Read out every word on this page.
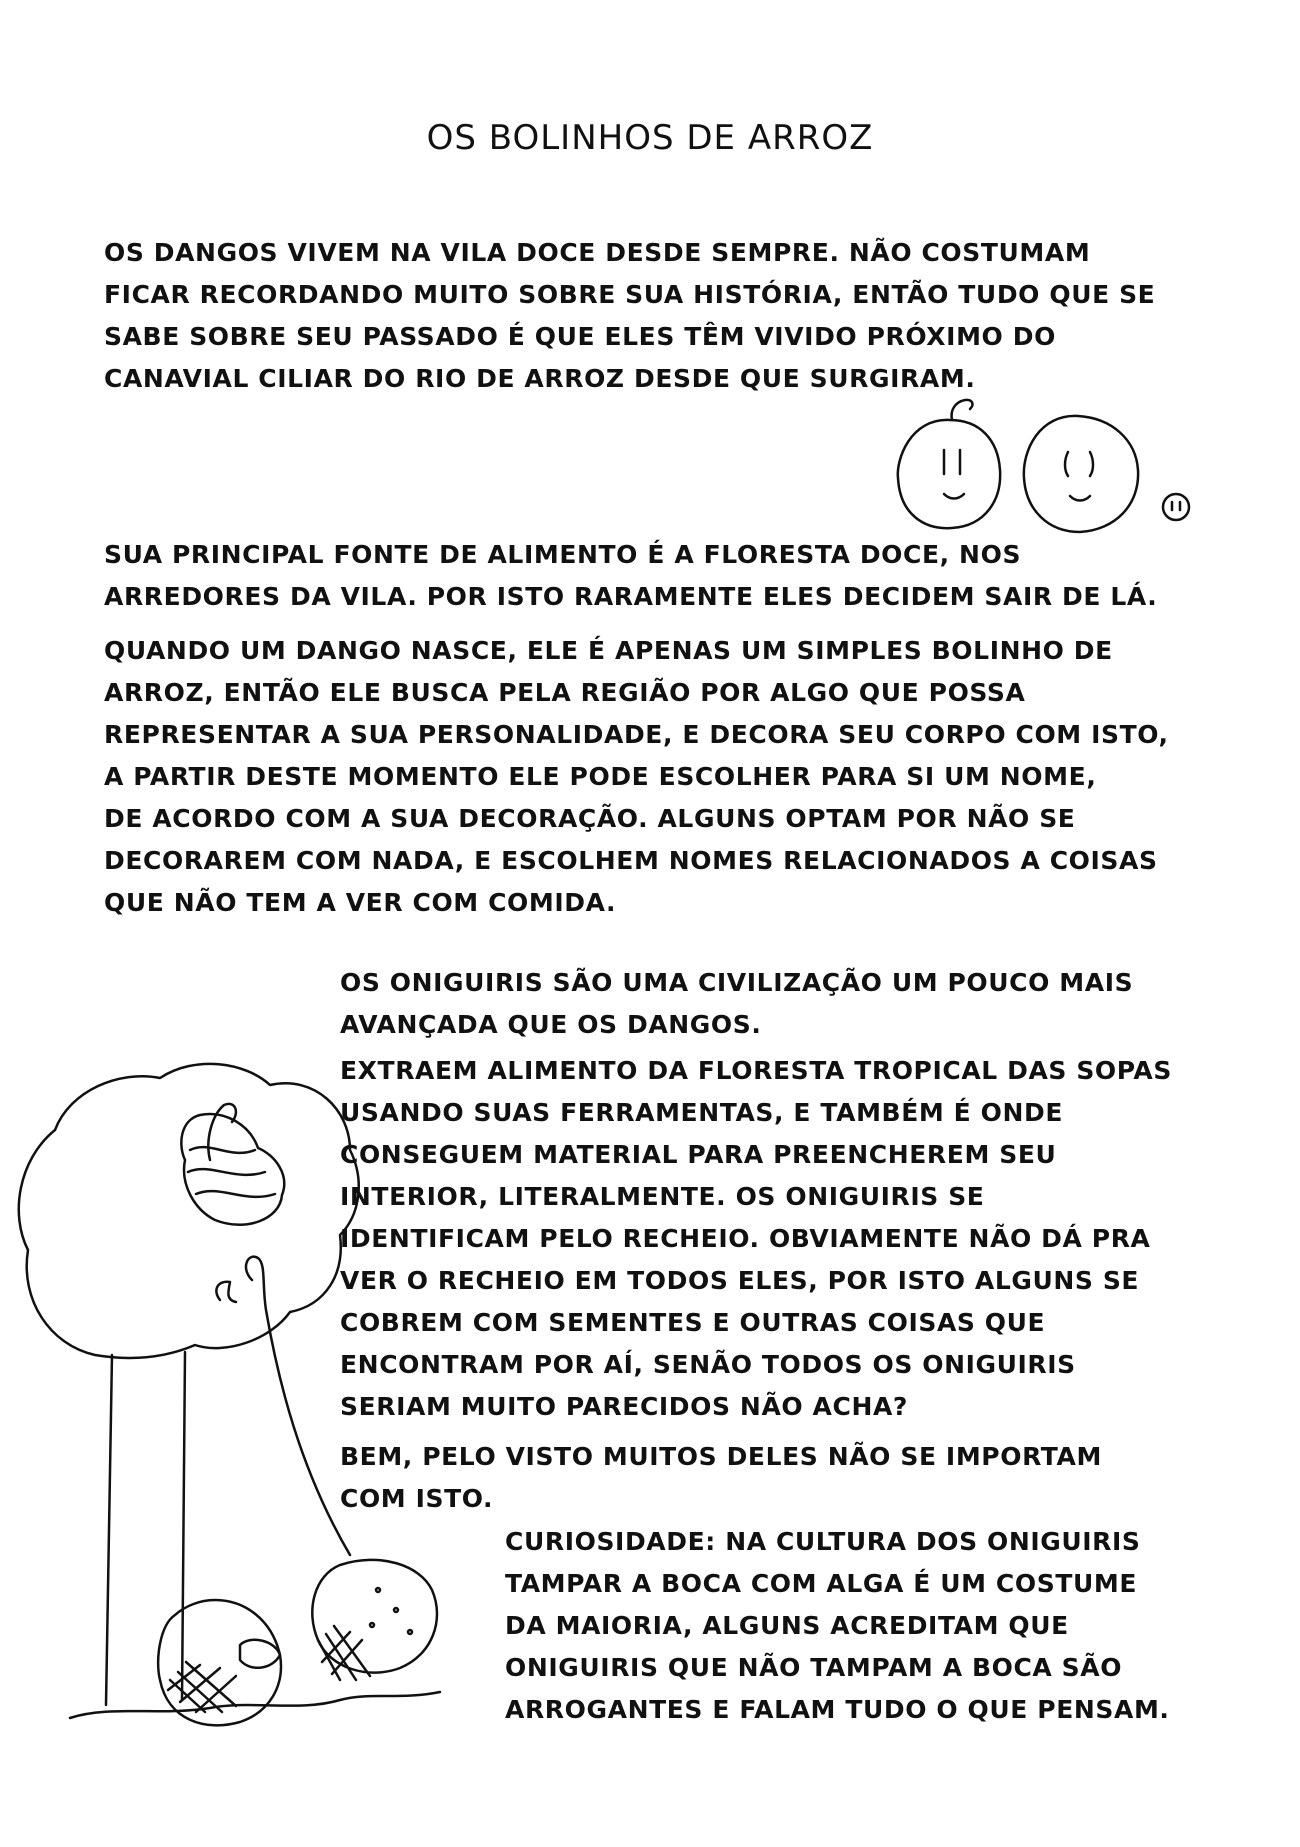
OS BOLINHOS DE ARROZ
OS DANGOS VIVEM NA VILA DOCE DESDE SEMPRE. NÃO COSTUMAM
FICAR RECORDANDO MUITO SOBRE SUA HISTÓRIA, ENTÃO TUDO QUE SE
SABE SOBRE SEU PASSADO É QUE ELES TÊM VIVIDO PRÓXIMO DO
CANAVIAL CILIAR DO RIO DE ARROZ DESDE QUE SURGIRAM.
SUA PRINCIPAL FONTE DE ALIMENTO É A FLORESTA DOCE, NOS
ARREDORES DA VILA. POR ISTO RARAMENTE ELES DECIDEM SAIR DE LÁ.
QUANDO UM DANGO NASCE, ELE É APENAS UM SIMPLES BOLINHO DE
ARROZ, ENTÃO ELE BUSCA PELA REGIÃO POR ALGO QUE POSSA
REPRESENTAR A SUA PERSONALIDADE, E DECORA SEU CORPO COM ISTO,
A PARTIR DESTE MOMENTO ELE PODE ESCOLHER PARA SI UM NOME,
DE ACORDO COM A SUA DECORAÇÃO. ALGUNS OPTAM POR NÃO SE
DECORAREM COM NADA, E ESCOLHEM NOMES RELACIONADOS A COISAS
QUE NÃO TEM A VER COM COMIDA.
OS ONIGUIRIS SÃO UMA CIVILIZAÇÃO UM POUCO MAIS
AVANÇADA QUE OS DANGOS.
EXTRAEM ALIMENTO DA FLORESTA TROPICAL DAS SOPAS
USANDO SUAS FERRAMENTAS, E TAMBÉM É ONDE
CONSEGUEM MATERIAL PARA PREENCHEREM SEU
INTERIOR, LITERALMENTE. OS ONIGUIRIS SE
IDENTIFICAM PELO RECHEIO. OBVIAMENTE NÃO DÁ PRA
VER O RECHEIO EM TODOS ELES, POR ISTO ALGUNS SE
COBREM COM SEMENTES E OUTRAS COISAS QUE
ENCONTRAM POR AÍ, SENÃO TODOS OS ONIGUIRIS
SERIAM MUITO PARECIDOS NÃO ACHA?
BEM, PELO VISTO MUITOS DELES NÃO SE IMPORTAM
COM ISTO.
CURIOSIDADE: NA CULTURA DOS ONIGUIRIS
TAMPAR A BOCA COM ALGA É UM COSTUME
DA MAIORIA, ALGUNS ACREDITAM QUE
ONIGUIRIS QUE NÃO TAMPAM A BOCA SÃO
ARROGANTES E FALAM TUDO O QUE PENSAM.
